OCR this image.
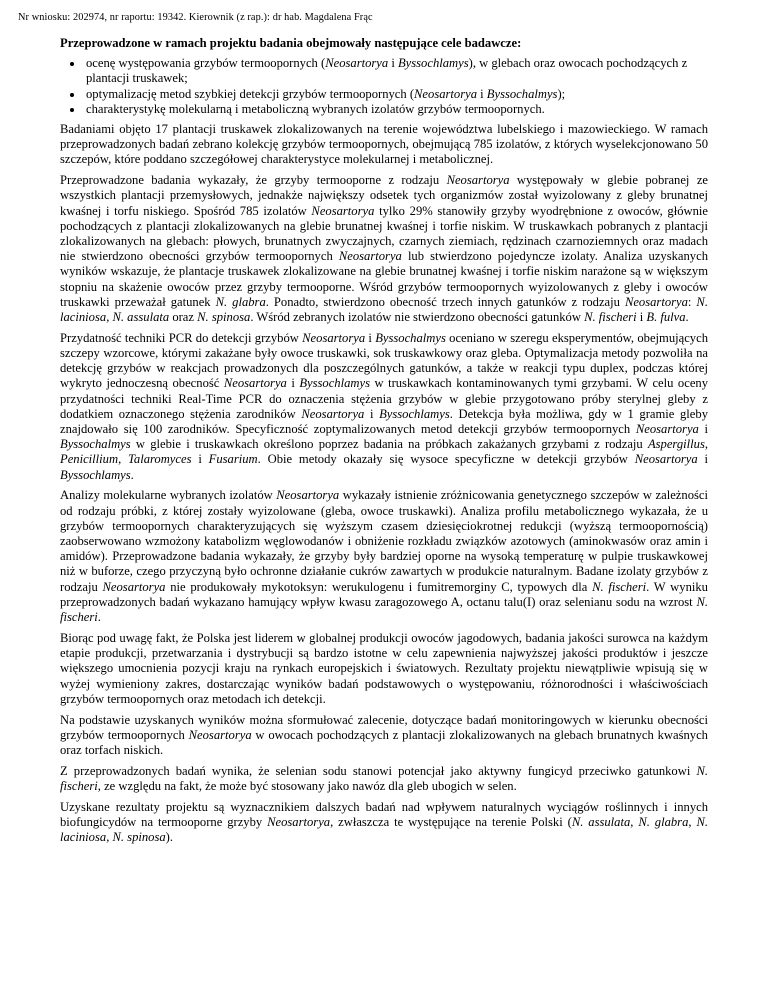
Nr wniosku: 202974, nr raportu: 19342. Kierownik (z rap.): dr hab. Magdalena Frąc
Przeprowadzone w ramach projektu badania obejmowały następujące cele badawcze:
• ocenę występowania grzybów termoopornych (Neosartorya i Byssochlamys), w glebach oraz owocach pochodzących z plantacji truskawek;
• optymalizację metod szybkiej detekcji grzybów termoopornych (Neosartorya i Byssochalmys);
• charakterystykę molekularną i metaboliczną wybranych izolatów grzybów termoopornych.

Badaniami objęto 17 plantacji truskawek zlokalizowanych na terenie województwa lubelskiego i mazowieckiego. W ramach przeprowadzonych badań zebrano kolekcję grzybów termoopornych, obejmującą 785 izolatów, z których wyselekcjonowano 50 szczepów, które poddano szczegółowej charakterystyce molekularnej i metabolicznej.

Przeprowadzone badania wykazały, że grzyby termooporne z rodzaju Neosartorya występowały w glebie pobranej ze wszystkich plantacji przemysłowych, jednakże największy odsetek tych organizmów został wyizolowany z gleby brunatnej kwaśnej i torfu niskiego. Spośród 785 izolatów Neosartorya tylko 29% stanowiły grzyby wyodrębnione z owoców, głównie pochodzących z plantacji zlokalizowanych na glebie brunatnej kwaśnej i torfie niskim. W truskawkach pobranych z plantacji zlokalizowanych na glebach: płowych, brunatnych zwyczajnych, czarnych ziemiach, rędzinach czarnoziemnych oraz madach nie stwierdzono obecności grzybów termoopornych Neosartorya lub stwierdzono pojedyncze izolaty. Analiza uzyskanych wyników wskazuje, że plantacje truskawek zlokalizowane na glebie brunatnej kwaśnej i torfie niskim narażone są w większym stopniu na skażenie owoców przez grzyby termooporne. Wśród grzybów termoopornych wyizolowanych z gleby i owoców truskawki przeważał gatunek N. glabra. Ponadto, stwierdzono obecność trzech innych gatunków z rodzaju Neosartorya: N. laciniosa, N. assulata oraz N. spinosa. Wśród zebranych izolatów nie stwierdzono obecności gatunków N. fischeri i B. fulva.

Przydatność techniki PCR do detekcji grzybów Neosartorya i Byssochalmys oceniano w szeregu eksperymentów, obejmujących szczepy wzorcowe, którymi zakażane były owoce truskawki, sok truskawkowy oraz gleba. Optymalizacja metody pozwoliła na detekcję grzybów w reakcjach prowadzonych dla poszczególnych gatunków, a także w reakcji typu duplex, podczas której wykryto jednoczesną obecność Neosartorya i Byssochlamys w truskawkach kontaminowanych tymi grzybami. W celu oceny przydatności techniki Real-Time PCR do oznaczenia stężenia grzybów w glebie przygotowano próby sterylnej gleby z dodatkiem oznaczonego stężenia zarodników Neosartorya i Byssochlamys. Detekcja była możliwa, gdy w 1 gramie gleby znajdowało się 100 zarodników. Specyficzność zoptymalizowanych metod detekcji grzybów termoopornych Neosartorya i Byssochalmys w glebie i truskawkach określono poprzez badania na próbkach zakażanych grzybami z rodzaju Aspergillus, Penicillium, Talaromyces i Fusarium. Obie metody okazały się wysoce specyficzne w detekcji grzybów Neosartorya i Byssochlamys.

Analizy molekularne wybranych izolatów Neosartorya wykazały istnienie zróżnicowania genetycznego szczepów w zależności od rodzaju próbki, z której zostały wyizolowane (gleba, owoce truskawki). Analiza profilu metabolicznego wykazała, że u grzybów termoopornych charakteryzujących się wyższym czasem dziesięciokrotnej redukcji (wyższą termoopornością) zaobserwowano wzmożony katabolizm węglowodanów i obniżenie rozkładu związków azotowych (aminokwasów oraz amin i amidów). Przeprowadzone badania wykazały, że grzyby były bardziej oporne na wysoką temperaturę w pulpie truskawkowej niż w buforze, czego przyczyną było ochronne działanie cukrów zawartych w produkcie naturalnym. Badane izolaty grzybów z rodzaju Neosartorya nie produkowały mykotoksyn: werukulogenu i fumitremorginy C, typowych dla N. fischeri. W wyniku przeprowadzonych badań wykazano hamujący wpływ kwasu zaragozowego A, octanu talu(I) oraz selenianu sodu na wzrost N. fischeri.

Biorąc pod uwagę fakt, że Polska jest liderem w globalnej produkcji owoców jagodowych, badania jakości surowca na każdym etapie produkcji, przetwarzania i dystrybucji są bardzo istotne w celu zapewnienia najwyższej jakości produktów i jeszcze większego umocnienia pozycji kraju na rynkach europejskich i światowych. Rezultaty projektu niewątpliwie wpisują się w wyżej wymieniony zakres, dostarczając wyników badań podstawowych o występowaniu, różnorodności i właściwościach grzybów termoopornych oraz metodach ich detekcji.

Na podstawie uzyskanych wyników można sformułować zalecenie, dotyczące badań monitoringowych w kierunku obecności grzybów termoopornych Neosartorya w owocach pochodzących z plantacji zlokalizowanych na glebach brunatnych kwaśnych oraz torfach niskich.

Z przeprowadzonych badań wynika, że selenian sodu stanowi potencjał jako aktywny fungicyd przeciwko gatunkowi N. fischeri, ze względu na fakt, że może być stosowany jako nawóz dla gleb ubogich w selen.

Uzyskane rezultaty projektu są wyznacznikiem dalszych badań nad wpływem naturalnych wyciągów roślinnych i innych biofungicydów na termooporne grzyby Neosartorya, zwłaszcza te występujące na terenie Polski (N. assulata, N. glabra, N. laciniosa, N. spinosa).
